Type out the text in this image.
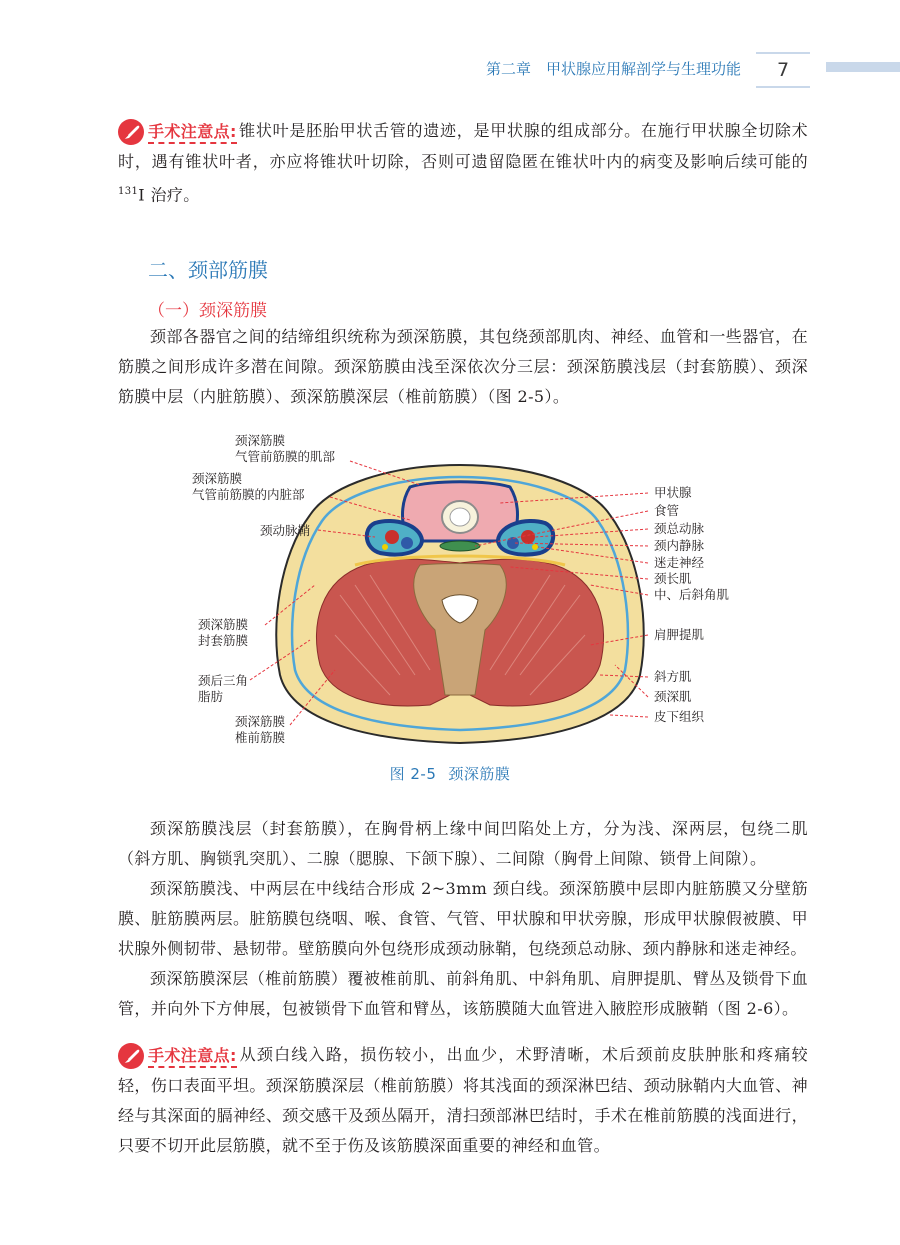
第二章　甲状腺应用解剖学与生理功能	7
手术注意点: 锥状叶是胚胎甲状舌管的遗迹，是甲状腺的组成部分。在施行甲状腺全切除术时，遇有锥状叶者，亦应将锥状叶切除，否则可遗留隐匿在锥状叶内的病变及影响后续可能的 $^{131}$I 治疗。
二、颈部筋膜
（一）颈深筋膜
颈部各器官之间的结缔组织统称为颈深筋膜，其包绕颈部肌肉、神经、血管和一些器官，在筋膜之间形成许多潜在间隙。颈深筋膜由浅至深依次分三层：颈深筋膜浅层（封套筋膜）、颈深筋膜中层（内脏筋膜）、颈深筋膜深层（椎前筋膜）（图 2-5）。
颈深筋膜
气管前筋膜的肌部
颈深筋膜
气管前筋膜的内脏部
颈动脉鞘
颈深筋膜
封套筋膜
颈后三角
脂肪
颈深筋膜
椎前筋膜
甲状腺
食管
颈总动脉
颈内静脉
迷走神经
颈长肌
中、后斜角肌
肩胛提肌
斜方肌
颈深肌
皮下组织
图 2-5 颈深筋膜
颈深筋膜浅层（封套筋膜），在胸骨柄上缘中间凹陷处上方，分为浅、深两层，包绕二肌（斜方肌、胸锁乳突肌）、二腺（腮腺、下颌下腺）、二间隙（胸骨上间隙、锁骨上间隙）。
颈深筋膜浅、中两层在中线结合形成 2~3mm 颈白线。颈深筋膜中层即内脏筋膜又分壁筋膜、脏筋膜两层。脏筋膜包绕咽、喉、食管、气管、甲状腺和甲状旁腺，形成甲状腺假被膜、甲状腺外侧韧带、悬韧带。壁筋膜向外包绕形成颈动脉鞘，包绕颈总动脉、颈内静脉和迷走神经。
颈深筋膜深层（椎前筋膜）覆被椎前肌、前斜角肌、中斜角肌、肩胛提肌、臂丛及锁骨下血管，并向外下方伸展，包被锁骨下血管和臂丛，该筋膜随大血管进入腋腔形成腋鞘（图 2-6）。
手术注意点: 从颈白线入路，损伤较小，出血少，术野清晰，术后颈前皮肤肿胀和疼痛较轻，伤口表面平坦。颈深筋膜深层（椎前筋膜）将其浅面的颈深淋巴结、颈动脉鞘内大血管、神经与其深面的膈神经、颈交感干及颈丛隔开，清扫颈部淋巴结时，手术在椎前筋膜的浅面进行，只要不切开此层筋膜，就不至于伤及该筋膜深面重要的神经和血管。
